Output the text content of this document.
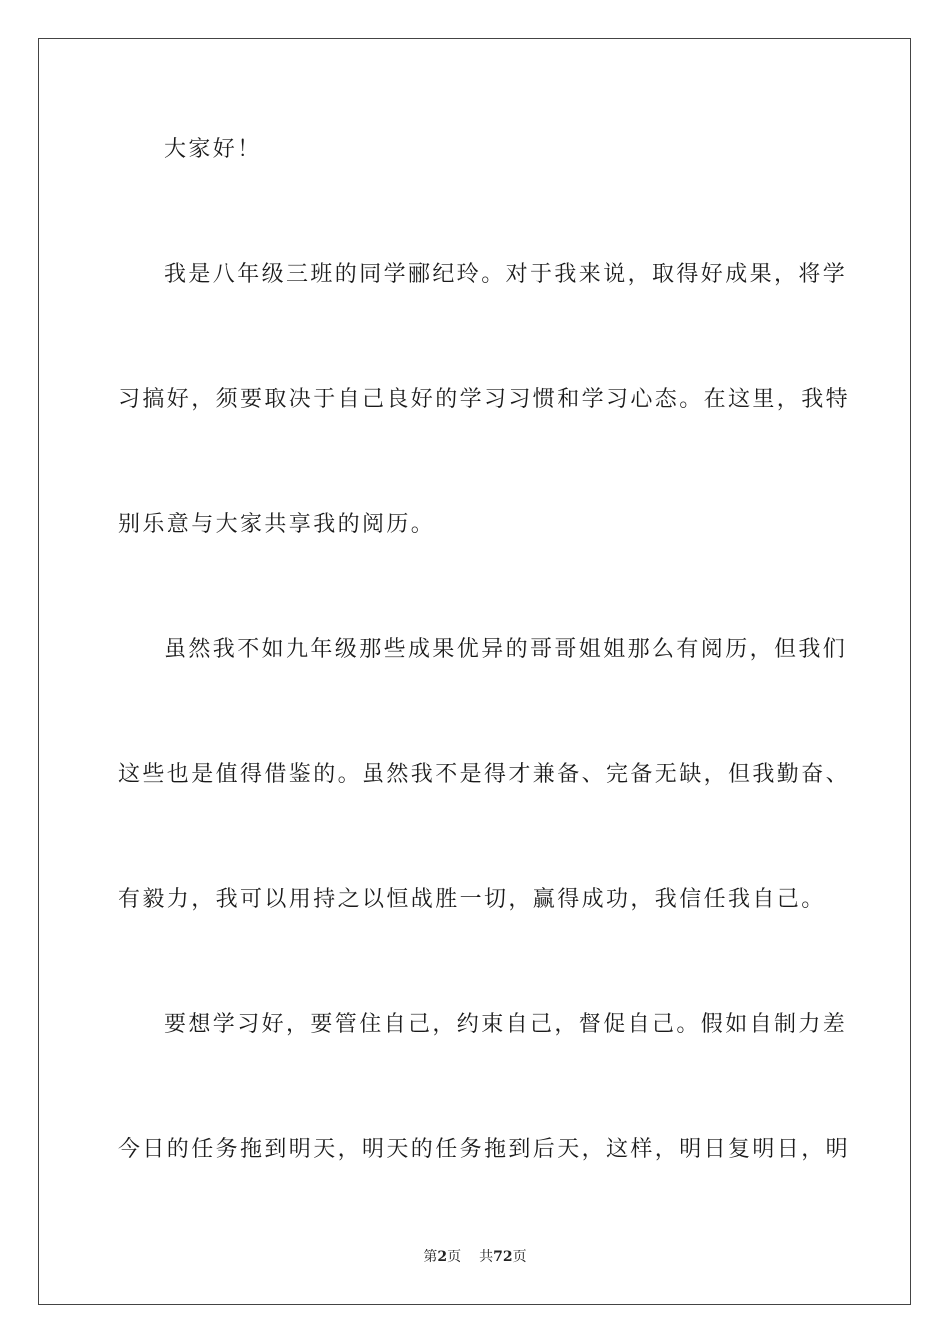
大家好！
我是八年级三班的同学郦纪玲。对于我来说，取得好成果，将学
习搞好，须要取决于自己良好的学习习惯和学习心态。在这里，我特
别乐意与大家共享我的阅历。
虽然我不如九年级那些成果优异的哥哥姐姐那么有阅历，但我们
这些也是值得借鉴的。虽然我不是得才兼备、完备无缺，但我勤奋、
有毅力，我可以用持之以恒战胜一切，赢得成功，我信任我自己。
要想学习好，要管住自己，约束自己，督促自己。假如自制力差
今日的任务拖到明天，明天的任务拖到后天，这样，明日复明日，明
第2页 共72页
